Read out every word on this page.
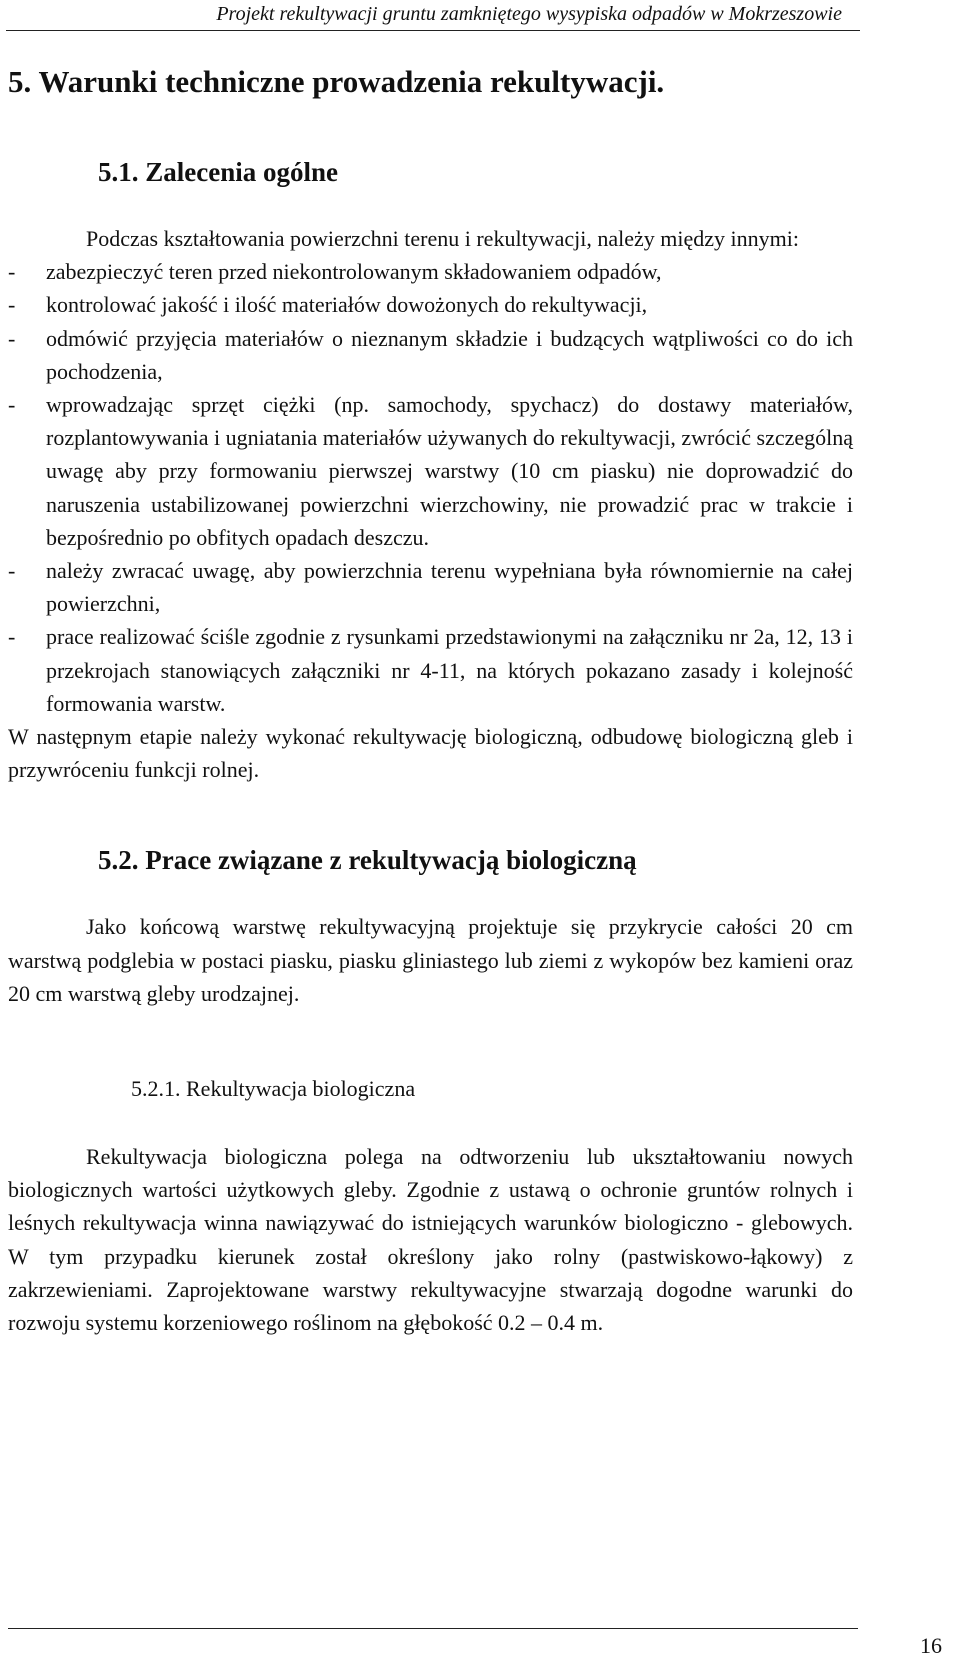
Projekt rekultywacji gruntu zamkniętego wysypiska odpadów w Mokrzeszowie
5. Warunki techniczne prowadzenia rekultywacji.
5.1. Zalecenia ogólne

Podczas kształtowania powierzchni terenu i rekultywacji, należy między innymi:

- zabezpieczyć teren przed niekontrolowanym składowaniem odpadów,
- kontrolować jakość i ilość materiałów dowożonych do rekultywacji,
- odmówić przyjęcia materiałów o nieznanym składzie i budzących wątpliwości co do ich pochodzenia,
- wprowadzając sprzęt ciężki (np. samochody, spychacz) do dostawy materiałów, rozplantowywania i ugniatania materiałów używanych do rekultywacji, zwrócić szczególną uwagę aby przy formowaniu pierwszej warstwy (10 cm piasku) nie doprowadzić do naruszenia ustabilizowanej powierzchni wierzchowiny, nie prowadzić prac w trakcie i bezpośrednio po obfitych opadach deszczu.
- należy zwracać uwagę, aby powierzchnia terenu wypełniana była równomiernie na całej powierzchni,
- prace realizować ściśle zgodnie z rysunkami przedstawionymi na załączniku nr 2a, 12, 13 i przekrojach stanowiących załączniki nr 4-11, na których pokazano zasady i kolejność formowania warstw.

W następnym etapie należy wykonać rekultywację biologiczną, odbudowę biologiczną gleb i przywróceniu funkcji rolnej.

5.2. Prace związane z rekultywacją biologiczną

Jako końcową warstwę rekultywacyjną projektuje się przykrycie całości 20 cm warstwą podglebia w postaci piasku, piasku gliniastego lub ziemi z wykopów bez kamieni oraz 20 cm warstwą gleby urodzajnej.

5.2.1. Rekultywacja biologiczna

Rekultywacja biologiczna polega na odtworzeniu lub ukształtowaniu nowych biologicznych wartości użytkowych gleby. Zgodnie z ustawą o ochronie gruntów rolnych i leśnych rekultywacja winna nawiązywać do istniejących warunków biologiczno - glebowych. W tym przypadku kierunek został określony jako rolny (pastwiskowo-łąkowy) z zakrzewieniami. Zaprojektowane warstwy rekultywacyjne stwarzają dogodne warunki do rozwoju systemu korzeniowego roślinom na głębokość 0.2 – 0.4 m.

16
